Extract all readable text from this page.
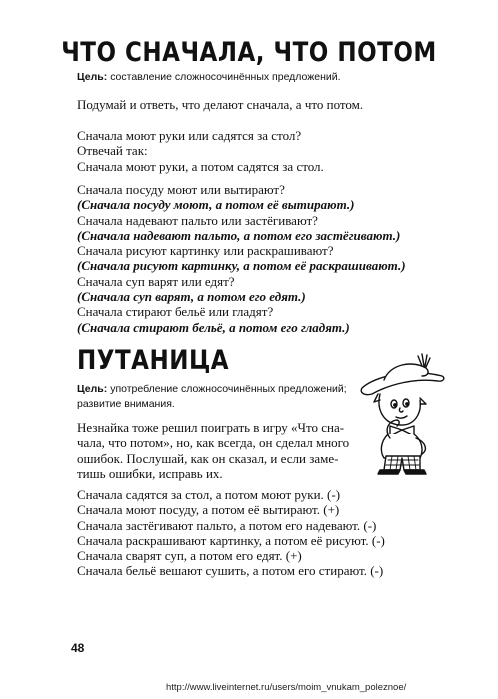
ЧТО СНАЧАЛА, ЧТО ПОТОМ
Цель: составление сложносочинённых предложений.
Подумай и ответь, что делают сначала, а что потом.
Сначала моют руки или садятся за стол?
Отвечай так:
Сначала моют руки, а потом садятся за стол.
Сначала посуду моют или вытирают?
(Сначала посуду моют, а потом её вытирают.)
Сначала надевают пальто или застёгивают?
(Сначала надевают пальто, а потом его застёгивают.)
Сначала рисуют картинку или раскрашивают?
(Сначала рисуют картинку, а потом её раскрашивают.)
Сначала суп варят или едят?
(Сначала суп варят, а потом его едят.)
Сначала стирают бельё или гладят?
(Сначала стирают бельё, а потом его гладят.)
ПУТАНИЦА
Цель: употребление сложносочинённых предложений; развитие внимания.
Незнайка тоже решил поиграть в игру «Что сна-
чала, что потом», но, как всегда, он сделал много
ошибок. Послушай, как он сказал, и если заме-
тишь ошибки, исправь их.
Сначала садятся за стол, а потом моют руки. (-)
Сначала моют посуду, а потом её вытирают. (+)
Сначала застёгивают пальто, а потом его надевают. (-)
Сначала раскрашивают картинку, а потом её рисуют. (-)
Сначала сварят суп, а потом его едят. (+)
Сначала бельё вешают сушить, а потом его стирают. (-)
48
http://www.liveinternet.ru/users/moim_vnukam_poleznoe/
